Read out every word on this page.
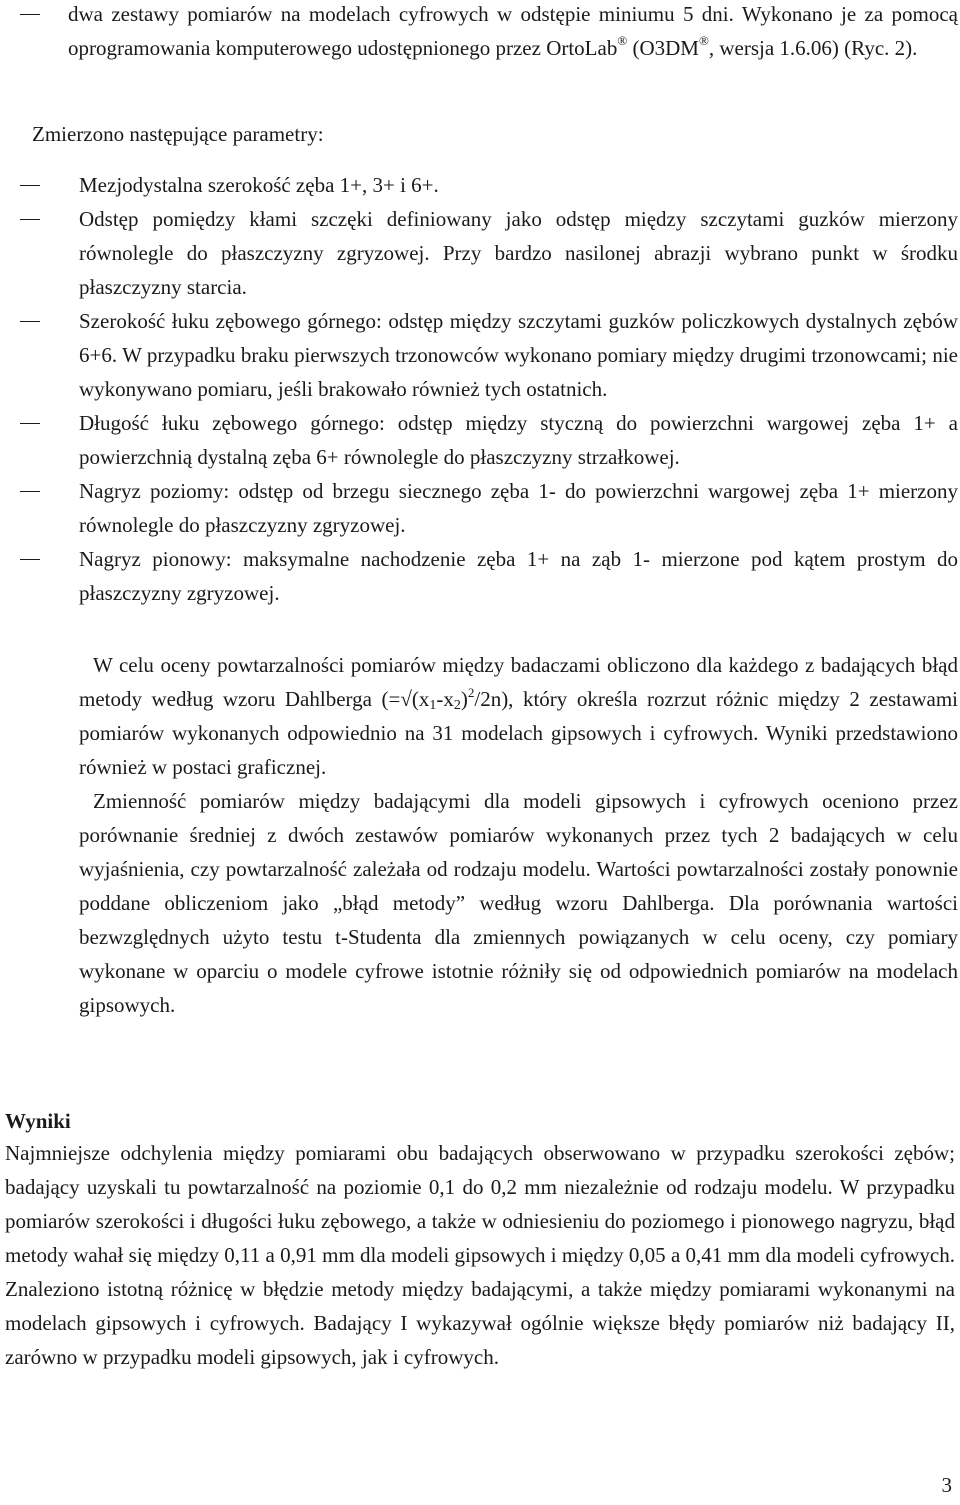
dwa zestawy pomiarów na modelach cyfrowych w odstępie miniumu 5 dni. Wykonano je za pomocą oprogramowania komputerowego udostępnionego przez OrtoLab® (O3DM®, wersja 1.6.06) (Ryc. 2).

Zmierzono następujące parametry:

Mezjodystalna szerokość zęba 1+, 3+ i 6+.

Odstęp pomiędzy kłami szczęki definiowany jako odstęp między szczytami guzków mierzony równolegle do płaszczyzny zgryzowej. Przy bardzo nasilonej abrazji wybrano punkt w środku płaszczyzny starcia.

Szerokość łuku zębowego górnego: odstęp między szczytami guzków policzkowych dystalnych zębów 6+6. W przypadku braku pierwszych trzonowców wykonano pomiary między drugimi trzonowcami; nie wykonywano pomiaru, jeśli brakowało również tych ostatnich.

Długość łuku zębowego górnego: odstęp między styczną do powierzchni wargowej zęba 1+ a powierzchnią dystalną zęba 6+ równolegle do płaszczyzny strzałkowej.

Nagryz poziomy: odstęp od brzegu siecznego zęba 1- do powierzchni wargowej zęba 1+ mierzony równolegle do płaszczyzny zgryzowej.

Nagryz pionowy: maksymalne nachodzenie zęba 1+ na ząb 1- mierzone pod kątem prostym do płaszczyzny zgryzowej.

W celu oceny powtarzalności pomiarów między badaczami obliczono dla każdego z badających błąd metody według wzoru Dahlberga $(=√(x_1-x_2)^2/2n)$, który określa rozrzut różnic między 2 zestawami pomiarów wykonanych odpowiednio na 31 modelach gipsowych i cyfrowych. Wyniki przedstawiono również w postaci graficznej.

Zmienność pomiarów między badającymi dla modeli gipsowych i cyfrowych oceniono przez porównanie średniej z dwóch zestawów pomiarów wykonanych przez tych 2 badających w celu wyjaśnienia, czy powtarzalność zależała od rodzaju modelu. Wartości powtarzalności zostały ponownie poddane obliczeniom jako „błąd metody” według wzoru Dahlberga. Dla porównania wartości bezwzględnych użyto testu t-Studenta dla zmiennych powiązanych w celu oceny, czy pomiary wykonane w oparciu o modele cyfrowe istotnie różniły się od odpowiednich pomiarów na modelach gipsowych.

Wyniki

Najmniejsze odchylenia między pomiarami obu badających obserwowano w przypadku szerokości zębów; badający uzyskali tu powtarzalność na poziomie 0,1 do 0,2 mm niezależnie od rodzaju modelu. W przypadku pomiarów szerokości i długości łuku zębowego, a także w odniesieniu do poziomego i pionowego nagryzu, błąd metody wahał się między 0,11 a 0,91 mm dla modeli gipsowych i między 0,05 a 0,41 mm dla modeli cyfrowych. Znaleziono istotną różnicę w błędzie metody między badającymi, a także między pomiarami wykonanymi na modelach gipsowych i cyfrowych. Badający I wykazywał ogólnie większe błędy pomiarów niż badający II, zarówno w przypadku modeli gipsowych, jak i cyfrowych.

3
